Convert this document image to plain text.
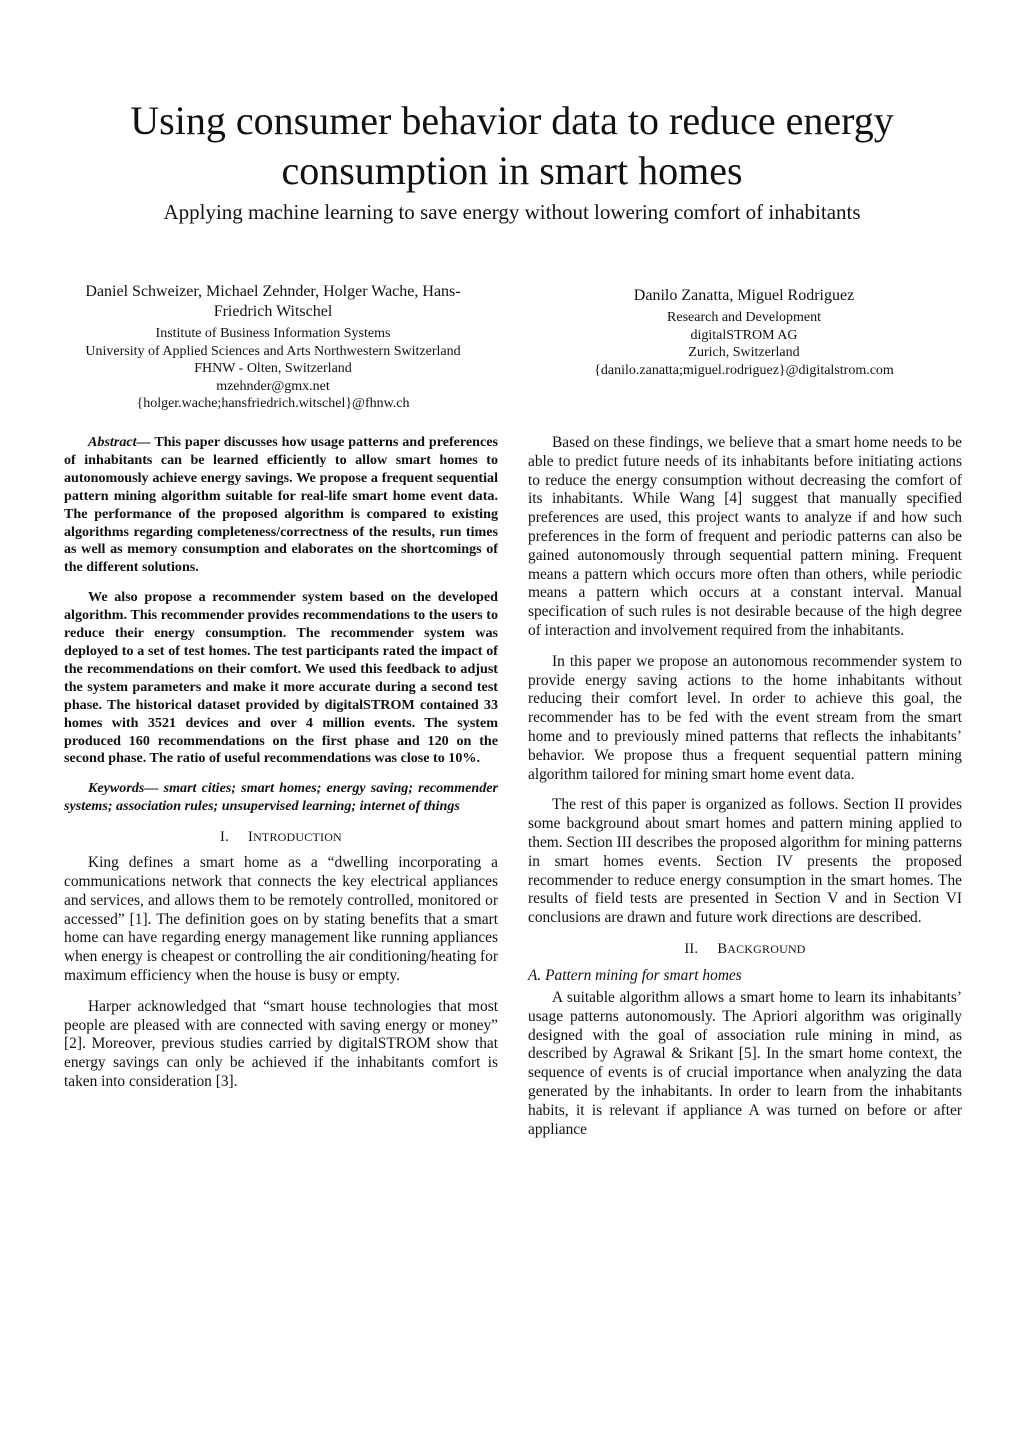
Using consumer behavior data to reduce energy
consumption in smart homes

Applying machine learning to save energy without lowering comfort of inhabitants

Daniel Schweizer, Michael Zehnder, Holger Wache, Hans-Friedrich Witschel

Institute of Business Information Systems
University of Applied Sciences and Arts Northwestern Switzerland
FHNW - Olten, Switzerland
mzehnder@gmx.net
{holger.wache;hansfriedrich.witschel}@fhnw.ch

Danilo Zanatta, Miguel Rodriguez

Research and Development
digitalSTROM AG
Zurich, Switzerland
{danilo.zanatta;miguel.rodriguez}@digitalstrom.com

Abstract— This paper discusses how usage patterns and preferences of inhabitants can be learned efficiently to allow smart homes to autonomously achieve energy savings. We propose a frequent sequential pattern mining algorithm suitable for real-life smart home event data. The performance of the proposed algorithm is compared to existing algorithms regarding completeness/correctness of the results, run times as well as memory consumption and elaborates on the shortcomings of the different solutions.

We also propose a recommender system based on the developed algorithm. This recommender provides recommendations to the users to reduce their energy consumption. The recommender system was deployed to a set of test homes. The test participants rated the impact of the recommendations on their comfort. We used this feedback to adjust the system parameters and make it more accurate during a second test phase. The historical dataset provided by digitalSTROM contained 33 homes with 3521 devices and over 4 million events. The system produced 160 recommendations on the first phase and 120 on the second phase. The ratio of useful recommendations was close to 10%.

Keywords— smart cities; smart homes; energy saving; recommender systems; association rules; unsupervised learning; internet of things

I. INTRODUCTION

King defines a smart home as a “dwelling incorporating a communications network that connects the key electrical appliances and services, and allows them to be remotely controlled, monitored or accessed” [1]. The definition goes on by stating benefits that a smart home can have regarding energy management like running appliances when energy is cheapest or controlling the air conditioning/heating for maximum efficiency when the house is busy or empty.

Harper acknowledged that “smart house technologies that most people are pleased with are connected with saving energy or money” [2]. Moreover, previous studies carried by digitalSTROM show that energy savings can only be achieved if the inhabitants comfort is taken into consideration [3].

Based on these findings, we believe that a smart home needs to be able to predict future needs of its inhabitants before initiating actions to reduce the energy consumption without decreasing the comfort of its inhabitants. While Wang [4] suggest that manually specified preferences are used, this project wants to analyze if and how such preferences in the form of frequent and periodic patterns can also be gained autonomously through sequential pattern mining. Frequent means a pattern which occurs more often than others, while periodic means a pattern which occurs at a constant interval. Manual specification of such rules is not desirable because of the high degree of interaction and involvement required from the inhabitants.

In this paper we propose an autonomous recommender system to provide energy saving actions to the home inhabitants without reducing their comfort level. In order to achieve this goal, the recommender has to be fed with the event stream from the smart home and to previously mined patterns that reflects the inhabitants’ behavior. We propose thus a frequent sequential pattern mining algorithm tailored for mining smart home event data.

The rest of this paper is organized as follows. Section II provides some background about smart homes and pattern mining applied to them. Section III describes the proposed algorithm for mining patterns in smart homes events. Section IV presents the proposed recommender to reduce energy consumption in the smart homes. The results of field tests are presented in Section V and in Section VI conclusions are drawn and future work directions are described.

II. BACKGROUND
A. Pattern mining for smart homes

A suitable algorithm allows a smart home to learn its inhabitants’ usage patterns autonomously. The Apriori algorithm was originally designed with the goal of association rule mining in mind, as described by Agrawal & Srikant [5]. In the smart home context, the sequence of events is of crucial importance when analyzing the data generated by the inhabitants. In order to learn from the inhabitants habits, it is relevant if appliance A was turned on before or after appliance
